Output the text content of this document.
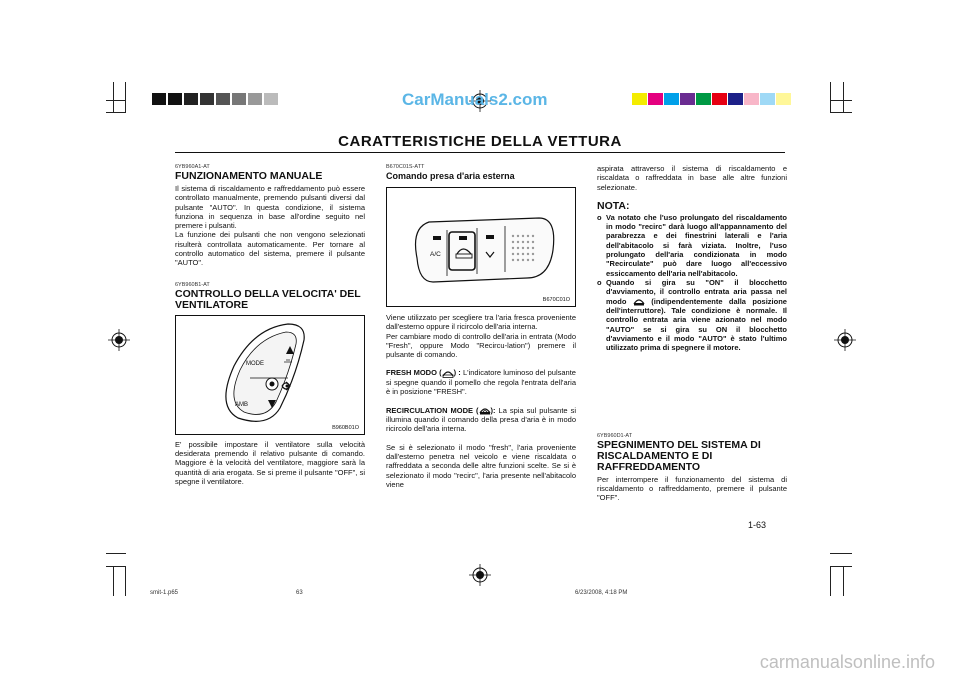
CarManuals2.com
CARATTERISTICHE DELLA VETTURA

6YB960A1-AT

FUNZIONAMENTO MANUALE

Il sistema di riscaldamento e raffreddamento può essere controllato manualmente, premendo pulsanti diversi dal pulsante "AUTO". In questa condizione, il sistema funziona in sequenza in base all'ordine seguito nel premere i pulsanti.

La funzione dei pulsanti che non vengono selezionati risulterà controllata automaticamente. Per tornare al controllo automatico del sistema, premere il pulsante "AUTO".

6YB960B1-AT

CONTROLLO DELLA VELOCITA' DEL VENTILATORE

MODE
AMB
B960B01O

E' possibile impostare il ventilatore sulla velocità desiderata premendo il relativo pulsante di comando. Maggiore è la velocità del ventilatore, maggiore sarà la quantità di aria erogata. Se si preme il pulsante "OFF", si spegne il ventilatore.

B670C01S-ATT

Comando presa d'aria esterna

A/C
B670C01O

Viene utilizzato per scegliere tra l'aria fresca proveniente dall'esterno oppure il ricircolo dell'aria interna.

Per cambiare modo di controllo dell'aria in entrata (Modo "Fresh", oppure Modo "Recircu-lation") premere il pulsante di comando.

FRESH MODO ( ) : L'indicatore luminoso del pulsante si spegne quando il pomello che regola l'entrata dell'aria è in posizione "FRESH".

RECIRCULATION MODE ( ): La spia sul pulsante si illumina quando il comando della presa d'aria è in modo ricircolo dell'aria interna.

Se si è selezionato il modo "fresh", l'aria proveniente dall'esterno penetra nel veicolo e viene riscaldata o raffreddata a seconda delle altre funzioni scelte. Se si è selezionato il modo "recirc", l'aria presente nell'abitacolo viene

aspirata attraverso il sistema di riscaldamento e riscaldata o raffreddata in base alle altre funzioni selezionate.

NOTA:

o Va notato che l'uso prolungato del riscaldamento in modo "recirc" darà luogo all'appannamento del parabrezza e dei finestrini laterali e l'aria dell'abitacolo si farà viziata. Inoltre, l'uso prolungato dell'aria condizionata in modo "Recirculate" può dare luogo all'eccessivo essiccamento dell'aria nell'abitacolo.
o Quando si gira su "ON" il blocchetto d'avviamento, il controllo entrata aria passa nel modo	(indipendentemente dalla posizione dell'interruttore). Tale condizione è normale. Il controllo entrata aria viene azionato nel modo "AUTO" se si gira su ON il blocchetto d'avviamento e il modo "AUTO" è stato l'ultimo utilizzato prima di spegnere il motore.

6YB960D1-AT

SPEGNIMENTO DEL SISTEMA DI RISCALDAMENTO E DI RAFFREDDAMENTO

Per interrompere il funzionamento del sistema di riscaldamento o raffreddamento, premere il pulsante "OFF".

1-63
smit-1.p65	63	6/23/2008, 4:18 PM
carmanualsonline.info
